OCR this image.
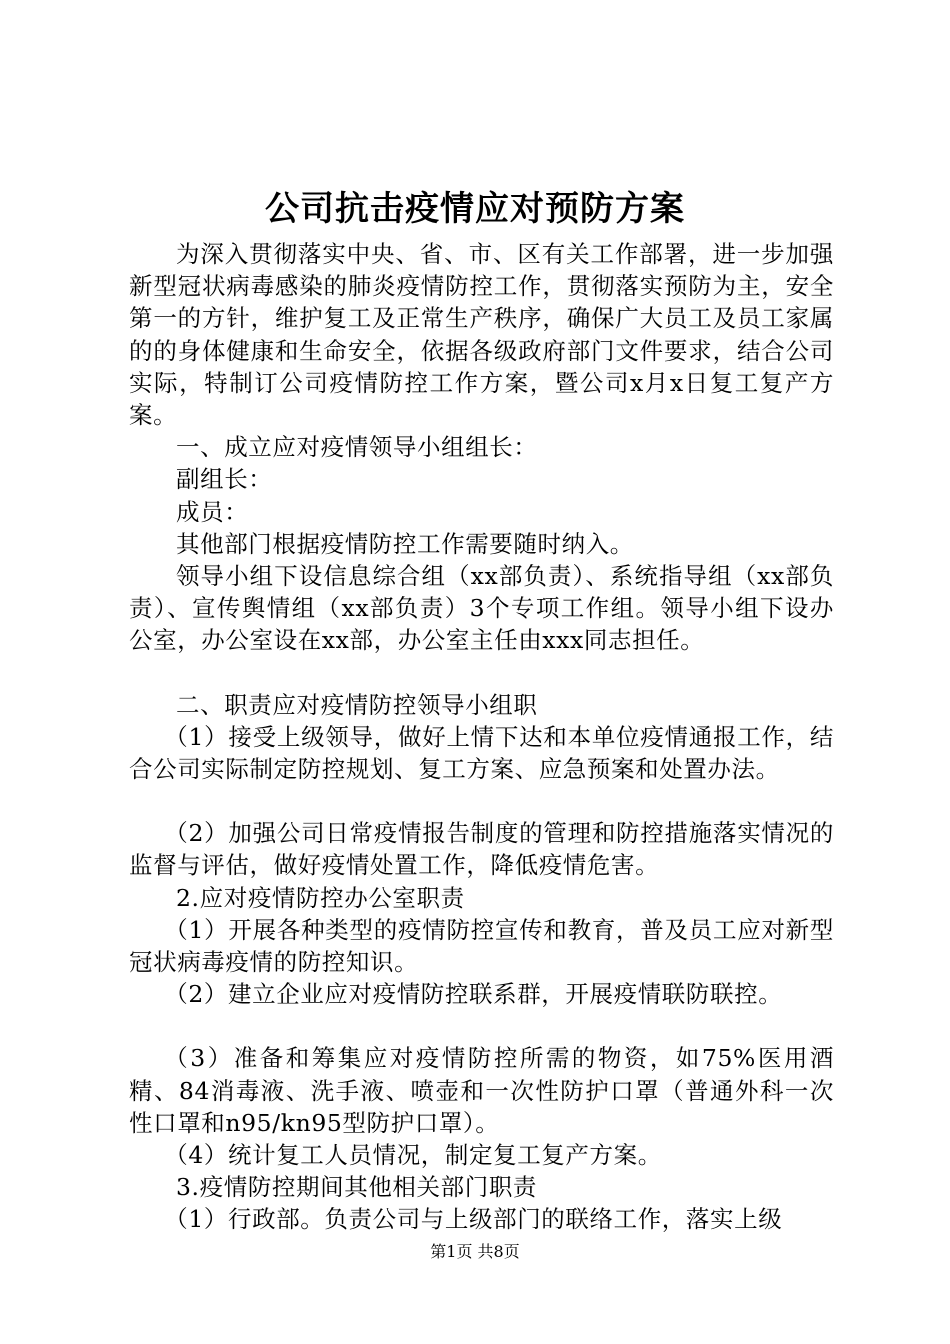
公司抗击疫情应对预防方案

为深入贯彻落实中央、省、市、区有关工作部署，进一步加强新型冠状病毒感染的肺炎疫情防控工作，贯彻落实预防为主，安全第一的方针，维护复工及正常生产秩序，确保广大员工及员工家属的的身体健康和生命安全，依据各级政府部门文件要求，结合公司实际，特制订公司疫情防控工作方案，暨公司x月x日复工复产方案。

一、成立应对疫情领导小组组长：

副组长：

成员：

其他部门根据疫情防控工作需要随时纳入。

领导小组下设信息综合组（xx部负责）、系统指导组（xx部负责）、宣传舆情组（xx部负责）3个专项工作组。领导小组下设办公室，办公室设在xx部，办公室主任由xxx同志担任。

二、职责应对疫情防控领导小组职

（1）接受上级领导，做好上情下达和本单位疫情通报工作，结合公司实际制定防控规划、复工方案、应急预案和处置办法。

（2）加强公司日常疫情报告制度的管理和防控措施落实情况的监督与评估，做好疫情处置工作，降低疫情危害。

2.应对疫情防控办公室职责

（1）开展各种类型的疫情防控宣传和教育，普及员工应对新型冠状病毒疫情的防控知识。

（2）建立企业应对疫情防控联系群，开展疫情联防联控。

（3）准备和筹集应对疫情防控所需的物资，如75%医用酒精、84消毒液、洗手液、喷壶和一次性防护口罩（普通外科一次性口罩和n95/kn95型防护口罩）。

（4）统计复工人员情况，制定复工复产方案。

3.疫情防控期间其他相关部门职责

（1）行政部。负责公司与上级部门的联络工作，落实上级

第1页 共8页
